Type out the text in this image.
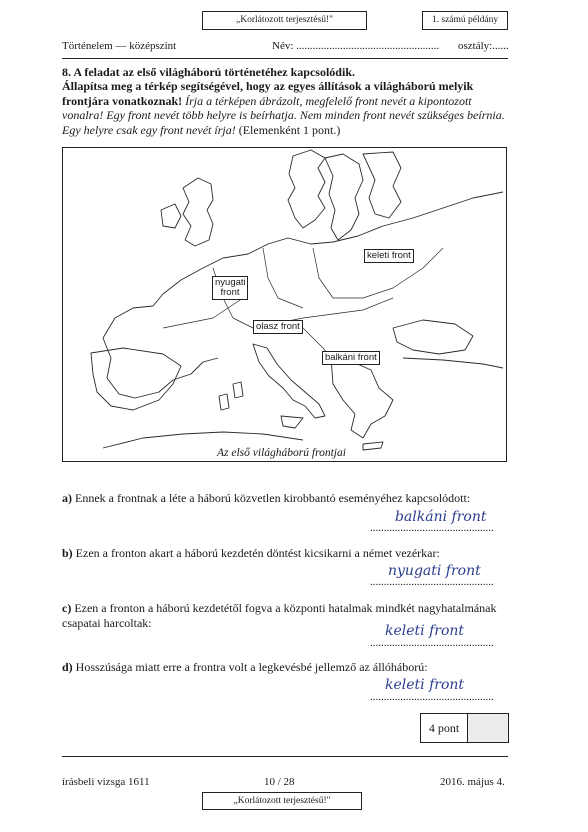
„Korlátozott terjesztésű!"	1. számú példány
Történelem — középszint	Név: .................................................... osztály:......
8. A feladat az első világháború történetéhez kapcsolódik.
Állapítsa meg a térkép segítségével, hogy az egyes állítások a világháború melyik frontjára vonatkoznak! Írja a térképen ábrázolt, megfelelő front nevét a kipontozott
vonalra! Egy front nevét több helyre is beírhatja. Nem minden front nevét szükséges beírnia.
Egy helyre csak egy front nevét írja! (Elemenként 1 pont.)
nyugati
front
keleti front
olasz front
balkáni front
Az első világháború frontjai
a) Ennek a frontnak a léte a háború közvetlen kirobbantó eseményéhez kapcsolódott:
.............................................
balkáni front
b) Ezen a fronton akart a háború kezdetén döntést kicsikarni a német vezérkar:
.............................................
nyugati front
c) Ezen a fronton a háború kezdetétől fogva a központi hatalmak mindkét nagyhatalmának
csapatai harcoltak:
.............................................
keleti front
d) Hosszúsága miatt erre a frontra volt a legkevésbé jellemző az állóháború:
.............................................
keleti front
4 pont
írásbeli vizsga 1611	10 / 28	2016. május 4.
„Korlátozott terjesztésű!"
